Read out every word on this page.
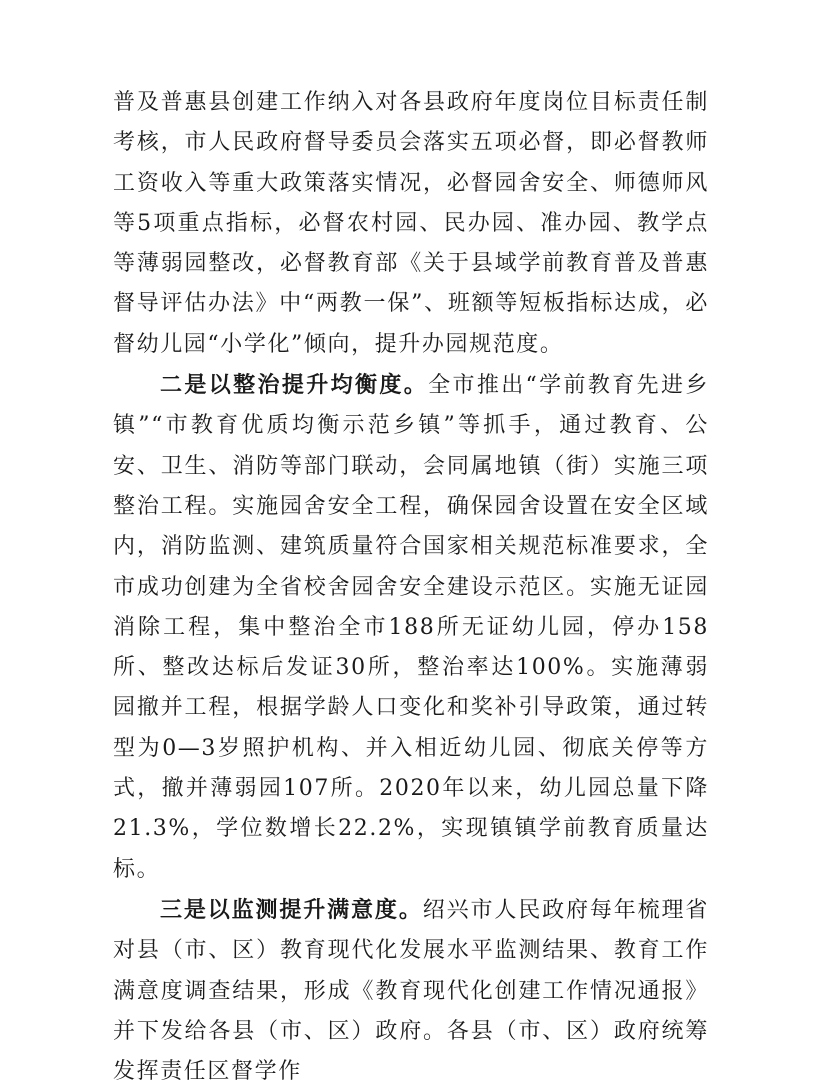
普及普惠县创建工作纳入对各县政府年度岗位目标责任制考核，市人民政府督导委员会落实五项必督，即必督教师工资收入等重大政策落实情况，必督园舍安全、师德师风等5项重点指标，必督农村园、民办园、准办园、教学点等薄弱园整改，必督教育部《关于县域学前教育普及普惠督导评估办法》中“两教一保”、班额等短板指标达成，必督幼儿园“小学化”倾向，提升办园规范度。

二是以整治提升均衡度。全市推出“学前教育先进乡镇”“市教育优质均衡示范乡镇”等抓手，通过教育、公安、卫生、消防等部门联动，会同属地镇（街）实施三项整治工程。实施园舍安全工程，确保园舍设置在安全区域内，消防监测、建筑质量符合国家相关规范标准要求，全市成功创建为全省校舍园舍安全建设示范区。实施无证园消除工程，集中整治全市188所无证幼儿园，停办158所、整改达标后发证30所，整治率达100%。实施薄弱园撤并工程，根据学龄人口变化和奖补引导政策，通过转型为0—3岁照护机构、并入相近幼儿园、彻底关停等方式，撤并薄弱园107所。2020年以来，幼儿园总量下降21.3%，学位数增长22.2%，实现镇镇学前教育质量达标。

三是以监测提升满意度。绍兴市人民政府每年梳理省对县（市、区）教育现代化发展水平监测结果、教育工作满意度调查结果，形成《教育现代化创建工作情况通报》并下发给各县（市、区）政府。各县（市、区）政府统筹发挥责任区督学作
